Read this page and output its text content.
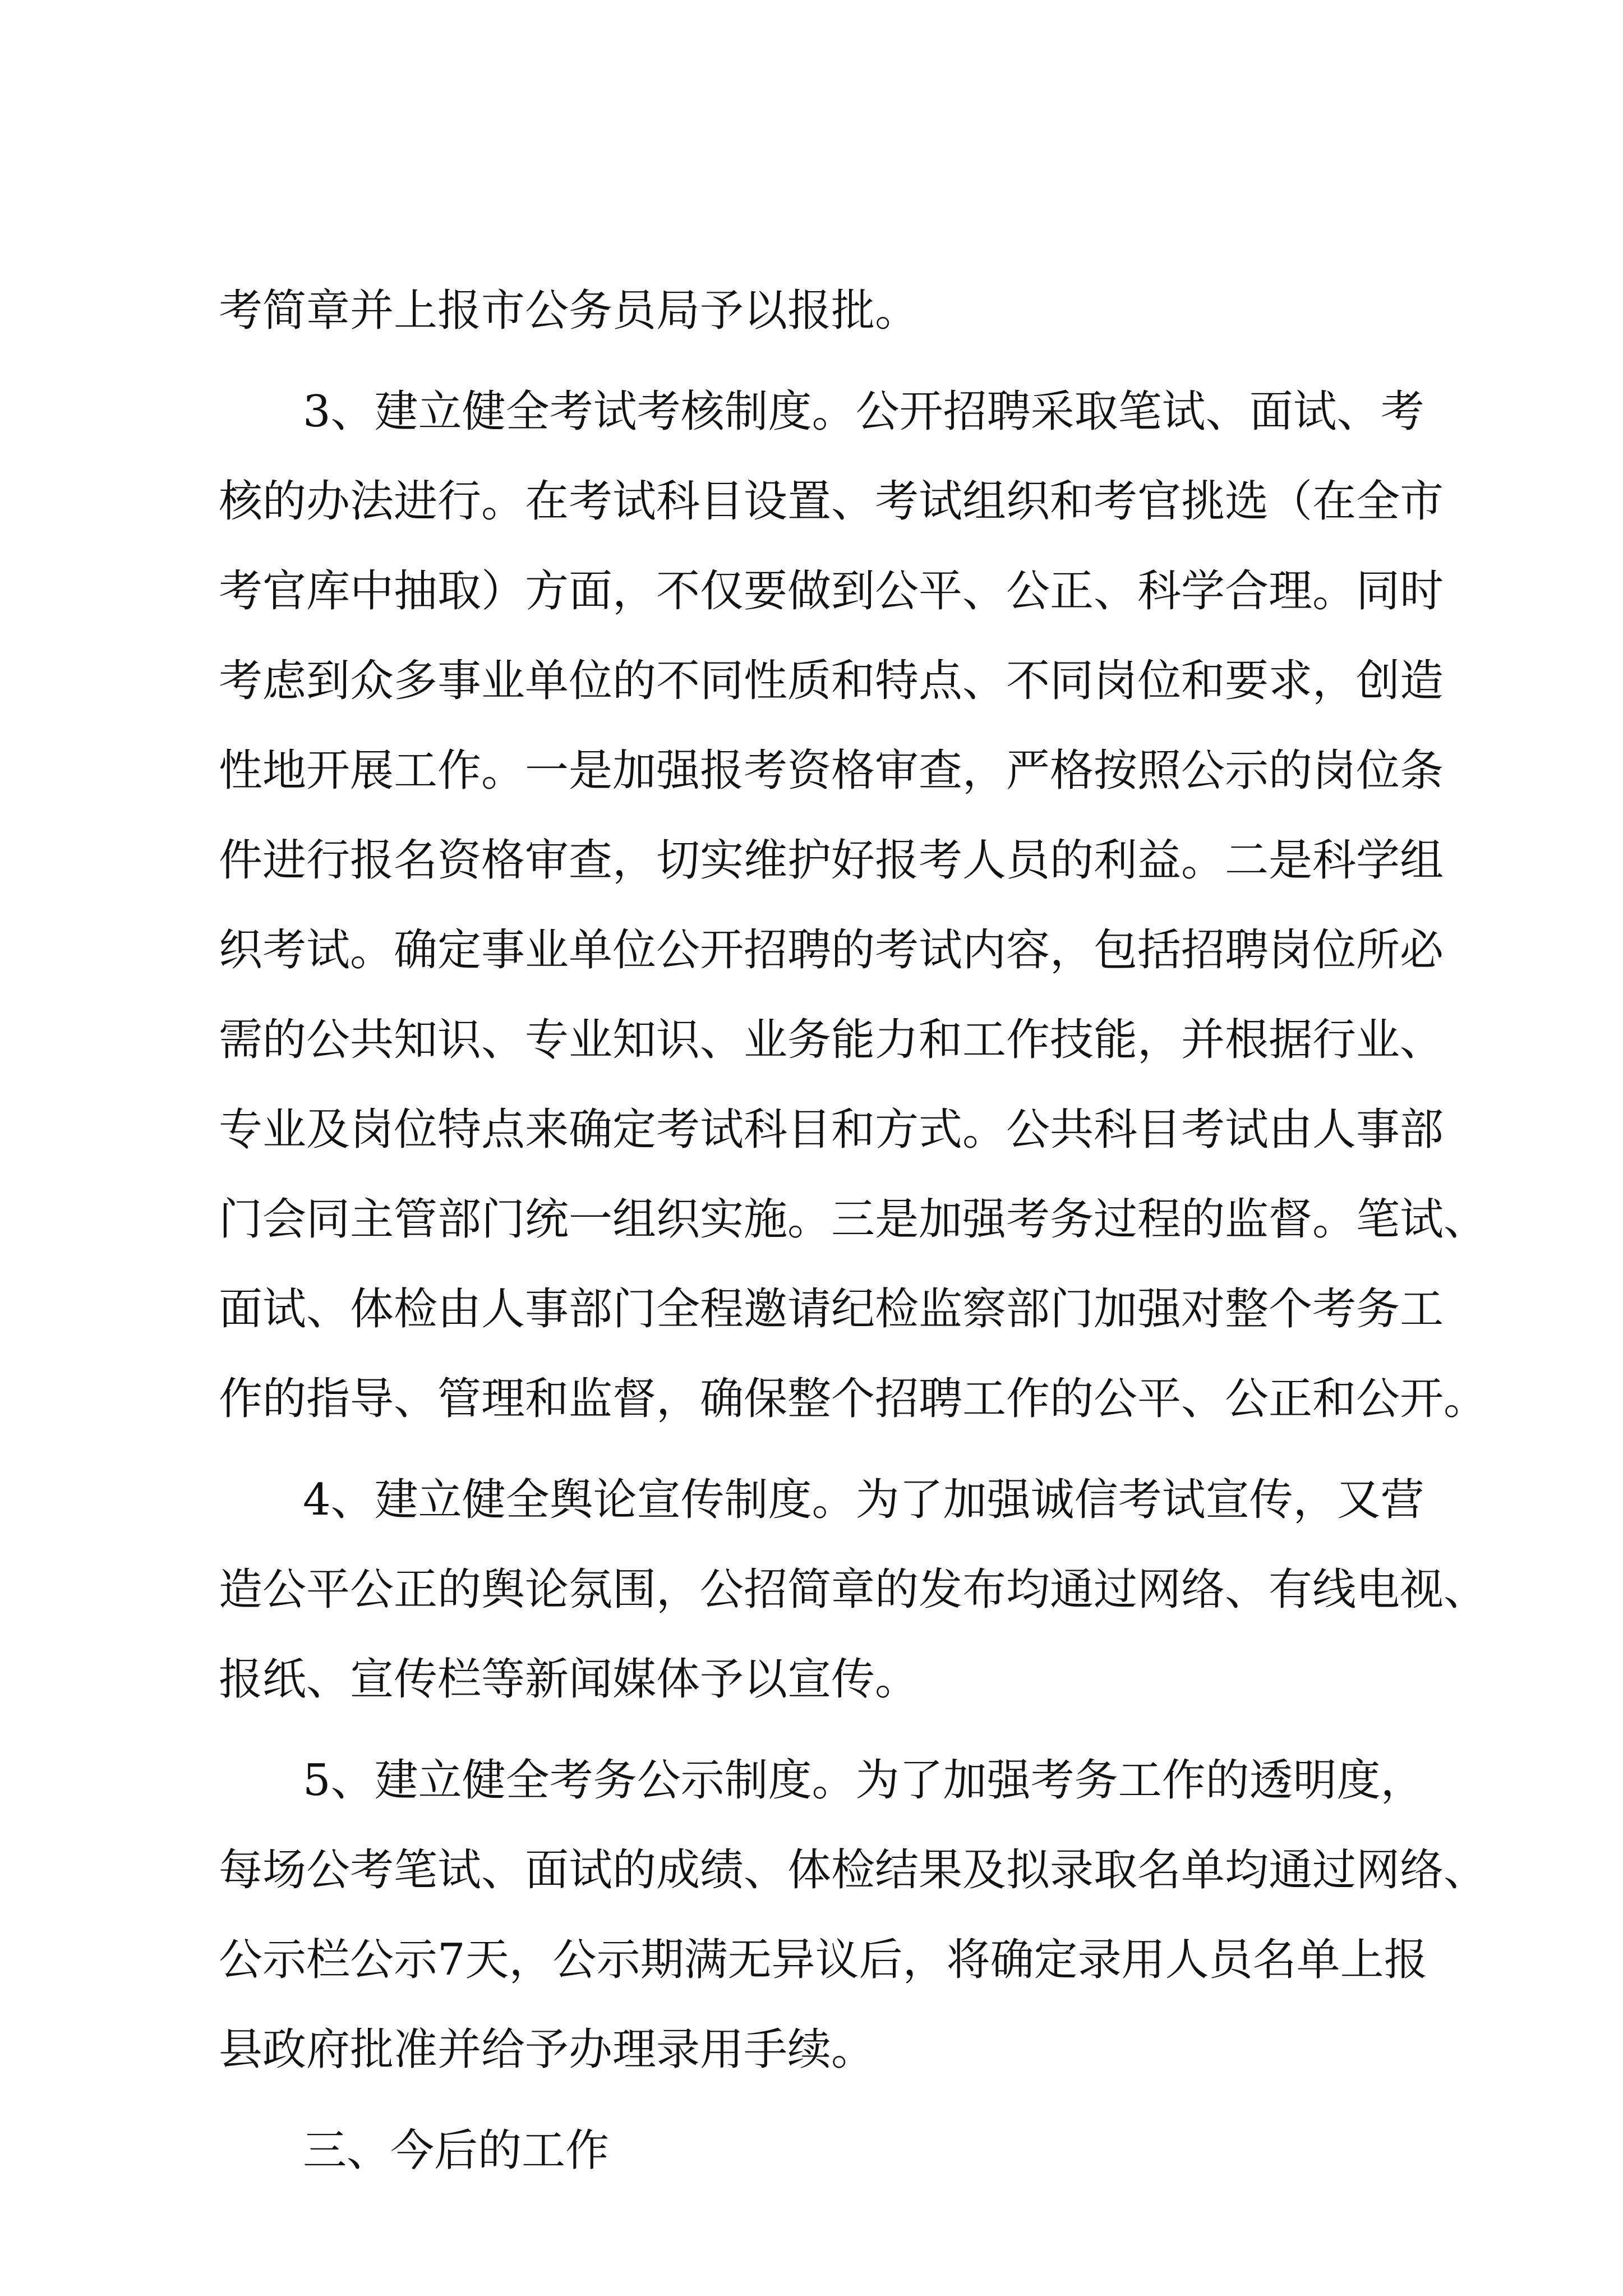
考简章并上报市公务员局予以报批。
3、建立健全考试考核制度。公开招聘采取笔试、面试、考
核的办法进行。在考试科目设置、考试组织和考官挑选（在全市
考官库中抽取）方面，不仅要做到公平、公正、科学合理。同时
考虑到众多事业单位的不同性质和特点、不同岗位和要求，创造
性地开展工作。一是加强报考资格审查，严格按照公示的岗位条
件进行报名资格审查，切实维护好报考人员的利益。二是科学组
织考试。确定事业单位公开招聘的考试内容，包括招聘岗位所必
需的公共知识、专业知识、业务能力和工作技能，并根据行业、
专业及岗位特点来确定考试科目和方式。公共科目考试由人事部
门会同主管部门统一组织实施。三是加强考务过程的监督。笔试、
面试、体检由人事部门全程邀请纪检监察部门加强对整个考务工
作的指导、管理和监督，确保整个招聘工作的公平、公正和公开。
4、建立健全舆论宣传制度。为了加强诚信考试宣传，又营
造公平公正的舆论氛围，公招简章的发布均通过网络、有线电视、
报纸、宣传栏等新闻媒体予以宣传。
5、建立健全考务公示制度。为了加强考务工作的透明度，
每场公考笔试、面试的成绩、体检结果及拟录取名单均通过网络、
公示栏公示7天，公示期满无异议后，将确定录用人员名单上报
县政府批准并给予办理录用手续。
三、今后的工作
